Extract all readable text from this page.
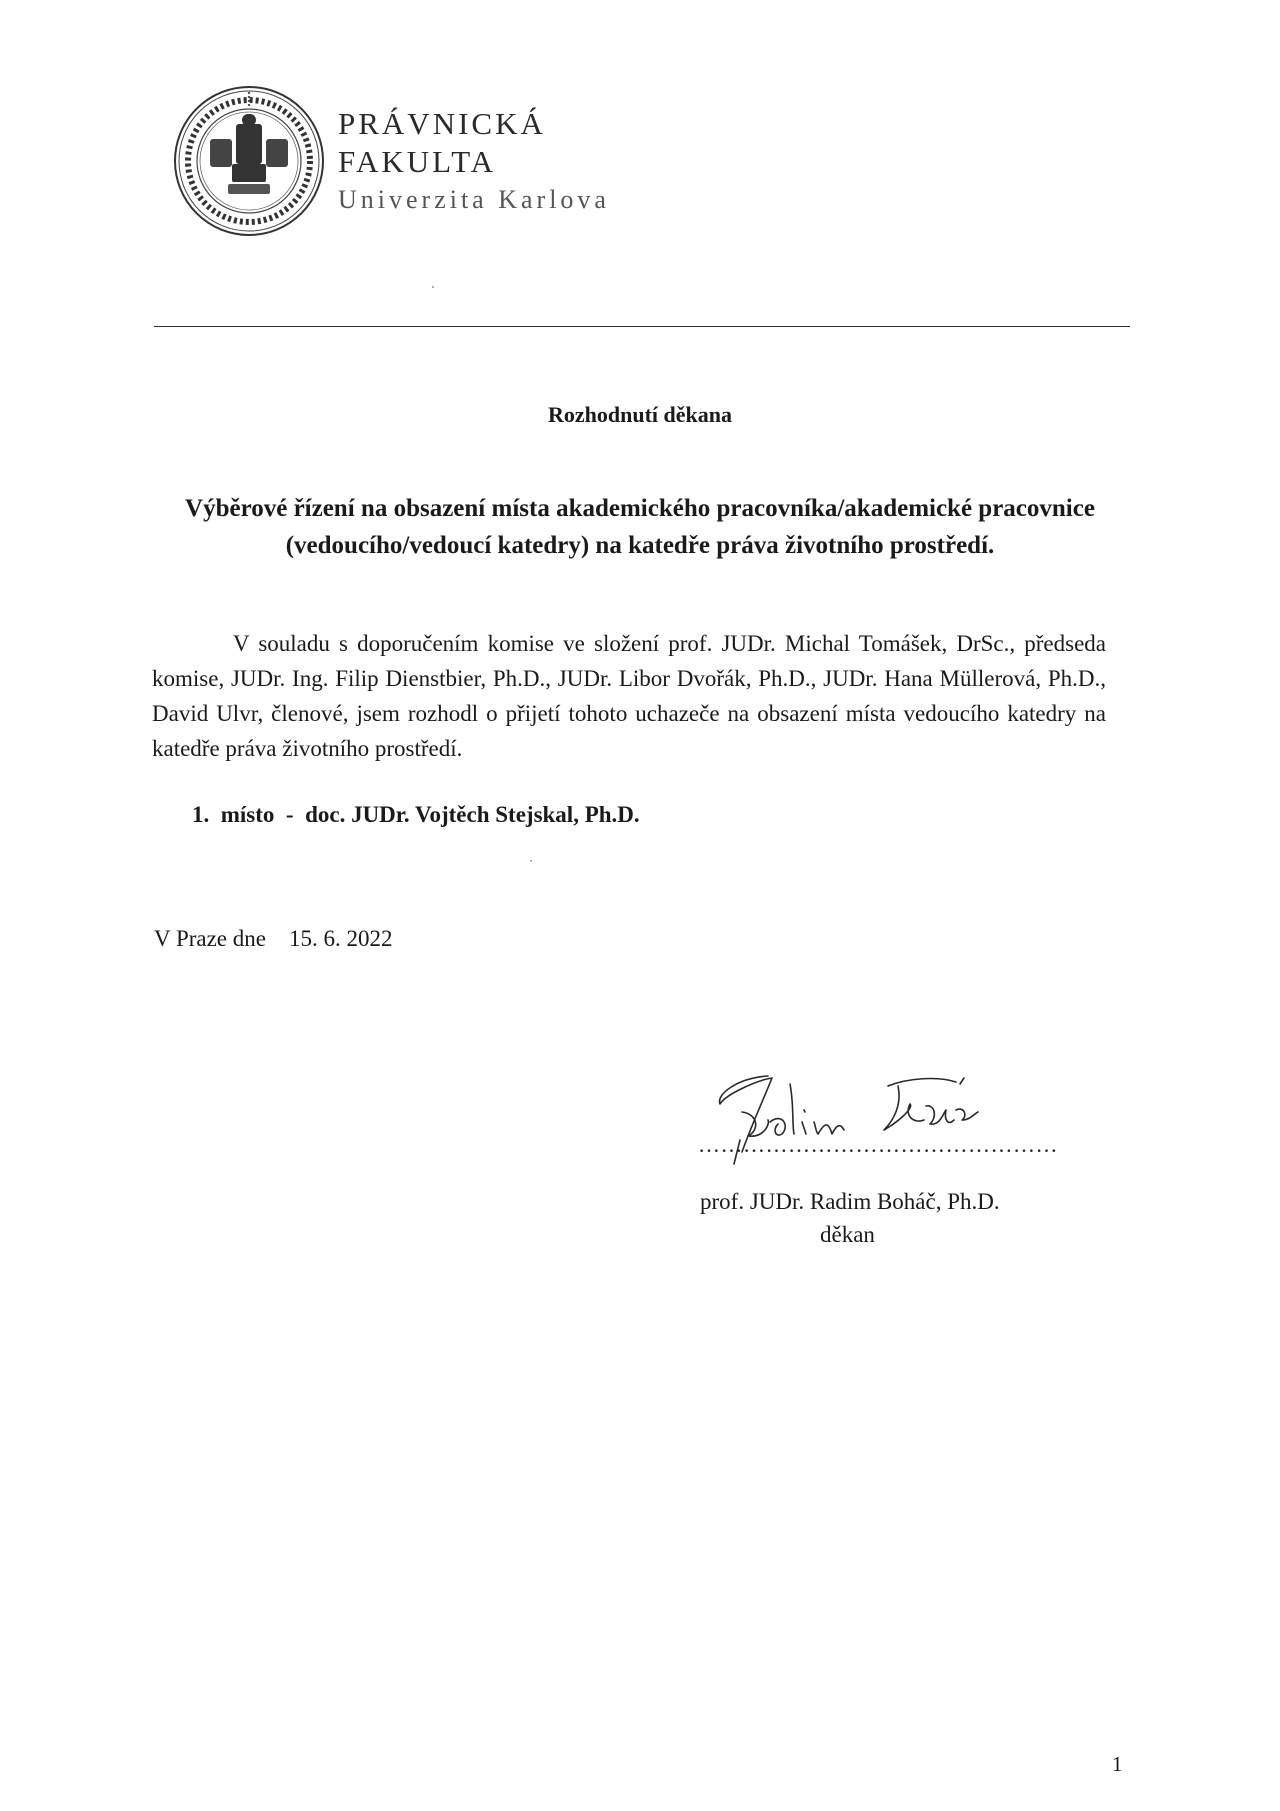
PRÁVNICKÁ
FAKULTA
Univerzita Karlova
Rozhodnutí děkana
Výběrové řízení na obsazení místa akademického pracovníka/akademické pracovnice (vedoucího/vedoucí katedry) na katedře práva životního prostředí.
V souladu s doporučením komise ve složení prof. JUDr. Michal Tomášek, DrSc., předseda komise, JUDr. Ing. Filip Dienstbier, Ph.D., JUDr. Libor Dvořák, Ph.D., JUDr. Hana Müllerová, Ph.D., David Ulvr, členové, jsem rozhodl o přijetí tohoto uchazeče na obsazení místa vedoucího katedry na katedře práva životního prostředí.
1.  místo  -  doc. JUDr. Vojtěch Stejskal, Ph.D.
V Praze dne    15. 6. 2022
…………………………………………
prof. JUDr. Radim Boháč, Ph.D.
děkan
1
